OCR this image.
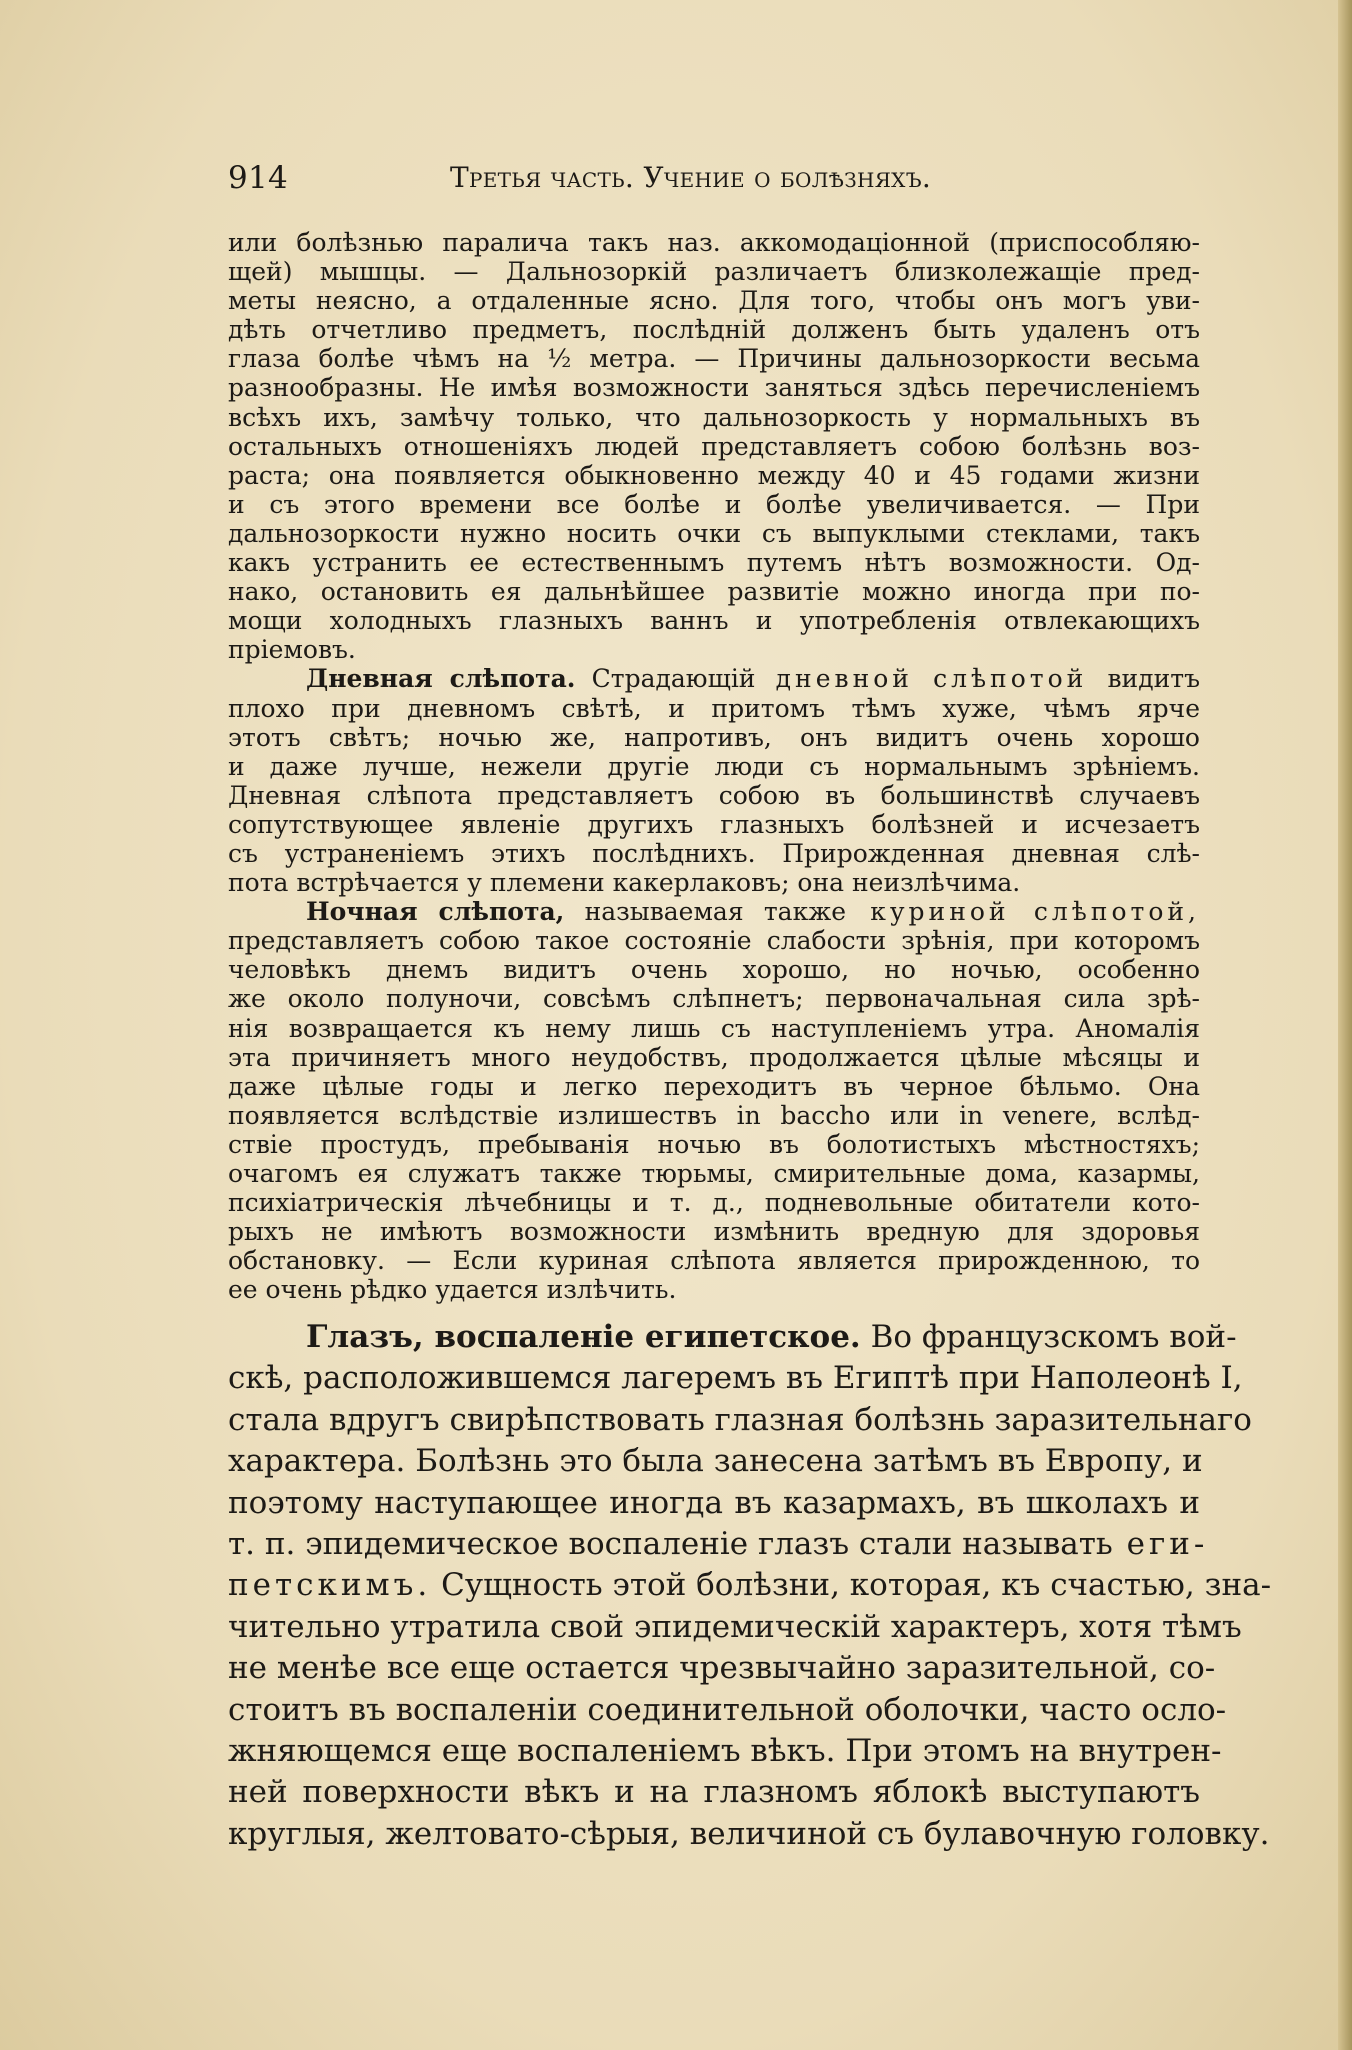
914	Третья часть. Учение о болѣзняхъ.
или болѣзнью паралича такъ наз. аккомодаціонной (приспособляю-
щей) мышцы. — Дальнозоркій различаетъ близколежащіе пред-
меты неясно, а отдаленные ясно. Для того, чтобы онъ могъ уви-
дѣть отчетливо предметъ, послѣдній долженъ быть удаленъ отъ
глаза болѣе чѣмъ на ½ метра. — Причины дальнозоркости весьма
разнообразны. Не имѣя возможности заняться здѣсь перечисленіемъ
всѣхъ ихъ, замѣчу только, что дальнозоркость у нормальныхъ въ
остальныхъ отношеніяхъ людей представляетъ собою болѣзнь воз-
раста; она появляется обыкновенно между 40 и 45 годами жизни
и съ этого времени все болѣе и болѣе увеличивается. — При
дальнозоркости нужно носить очки съ выпуклыми стеклами, такъ
какъ устранить ее естественнымъ путемъ нѣтъ возможности. Од-
нако, остановить ея дальнѣйшее развитіе можно иногда при по-
мощи холодныхъ глазныхъ ваннъ и употребленія отвлекающихъ
пріемовъ.
Дневная слѣпота. Страдающій дневной слѣпотой видитъ
плохо при дневномъ свѣтѣ, и притомъ тѣмъ хуже, чѣмъ ярче
этотъ свѣтъ; ночью же, напротивъ, онъ видитъ очень хорошо
и даже лучше, нежели другіе люди съ нормальнымъ зрѣніемъ.
Дневная слѣпота представляетъ собою въ большинствѣ случаевъ
сопутствующее явленіе другихъ глазныхъ болѣзней и исчезаетъ
съ устраненіемъ этихъ послѣднихъ. Прирожденная дневная слѣ-
пота встрѣчается у племени какерлаковъ; она неизлѣчима.
Ночная слѣпота, называемая также куриной слѣпотой,
представляетъ собою такое состояніе слабости зрѣнія, при которомъ
человѣкъ днемъ видитъ очень хорошо, но ночью, особенно
же около полуночи, совсѣмъ слѣпнетъ; первоначальная сила зрѣ-
нія возвращается къ нему лишь съ наступленіемъ утра. Аномалія
эта причиняетъ много неудобствъ, продолжается цѣлые мѣсяцы и
даже цѣлые годы и легко переходитъ въ черное бѣльмо. Она
появляется вслѣдствіе излишествъ in baccho или in venere, вслѣд-
ствіе простудъ, пребыванія ночью въ болотистыхъ мѣстностяхъ;
очагомъ ея служатъ также тюрьмы, смирительные дома, казармы,
психіатрическія лѣчебницы и т. д., подневольные обитатели кото-
рыхъ не имѣютъ возможности измѣнить вредную для здоровья
обстановку. — Если куриная слѣпота является прирожденною, то
ее очень рѣдко удается излѣчить.
Глазъ, воспаленіе египетское. Во французскомъ вой-
скѣ, расположившемся лагеремъ въ Египтѣ при Наполеонѣ I,
стала вдругъ свирѣпствовать глазная болѣзнь заразительнаго
характера. Болѣзнь это была занесена затѣмъ въ Европу, и
поэтому наступающее иногда въ казармахъ, въ школахъ и
т. п. эпидемическое воспаленіе глазъ стали называть еги-
петскимъ. Сущность этой болѣзни, которая, къ счастью, зна-
чительно утратила свой эпидемическій характеръ, хотя тѣмъ
не менѣе все еще остается чрезвычайно заразительной, со-
стоитъ въ воспаленіи соединительной оболочки, часто осло-
жняющемся еще воспаленіемъ вѣкъ. При этомъ на внутрен-
ней поверхности вѣкъ и на глазномъ яблокѣ выступаютъ
круглыя, желтовато-сѣрыя, величиной съ булавочную головку.
